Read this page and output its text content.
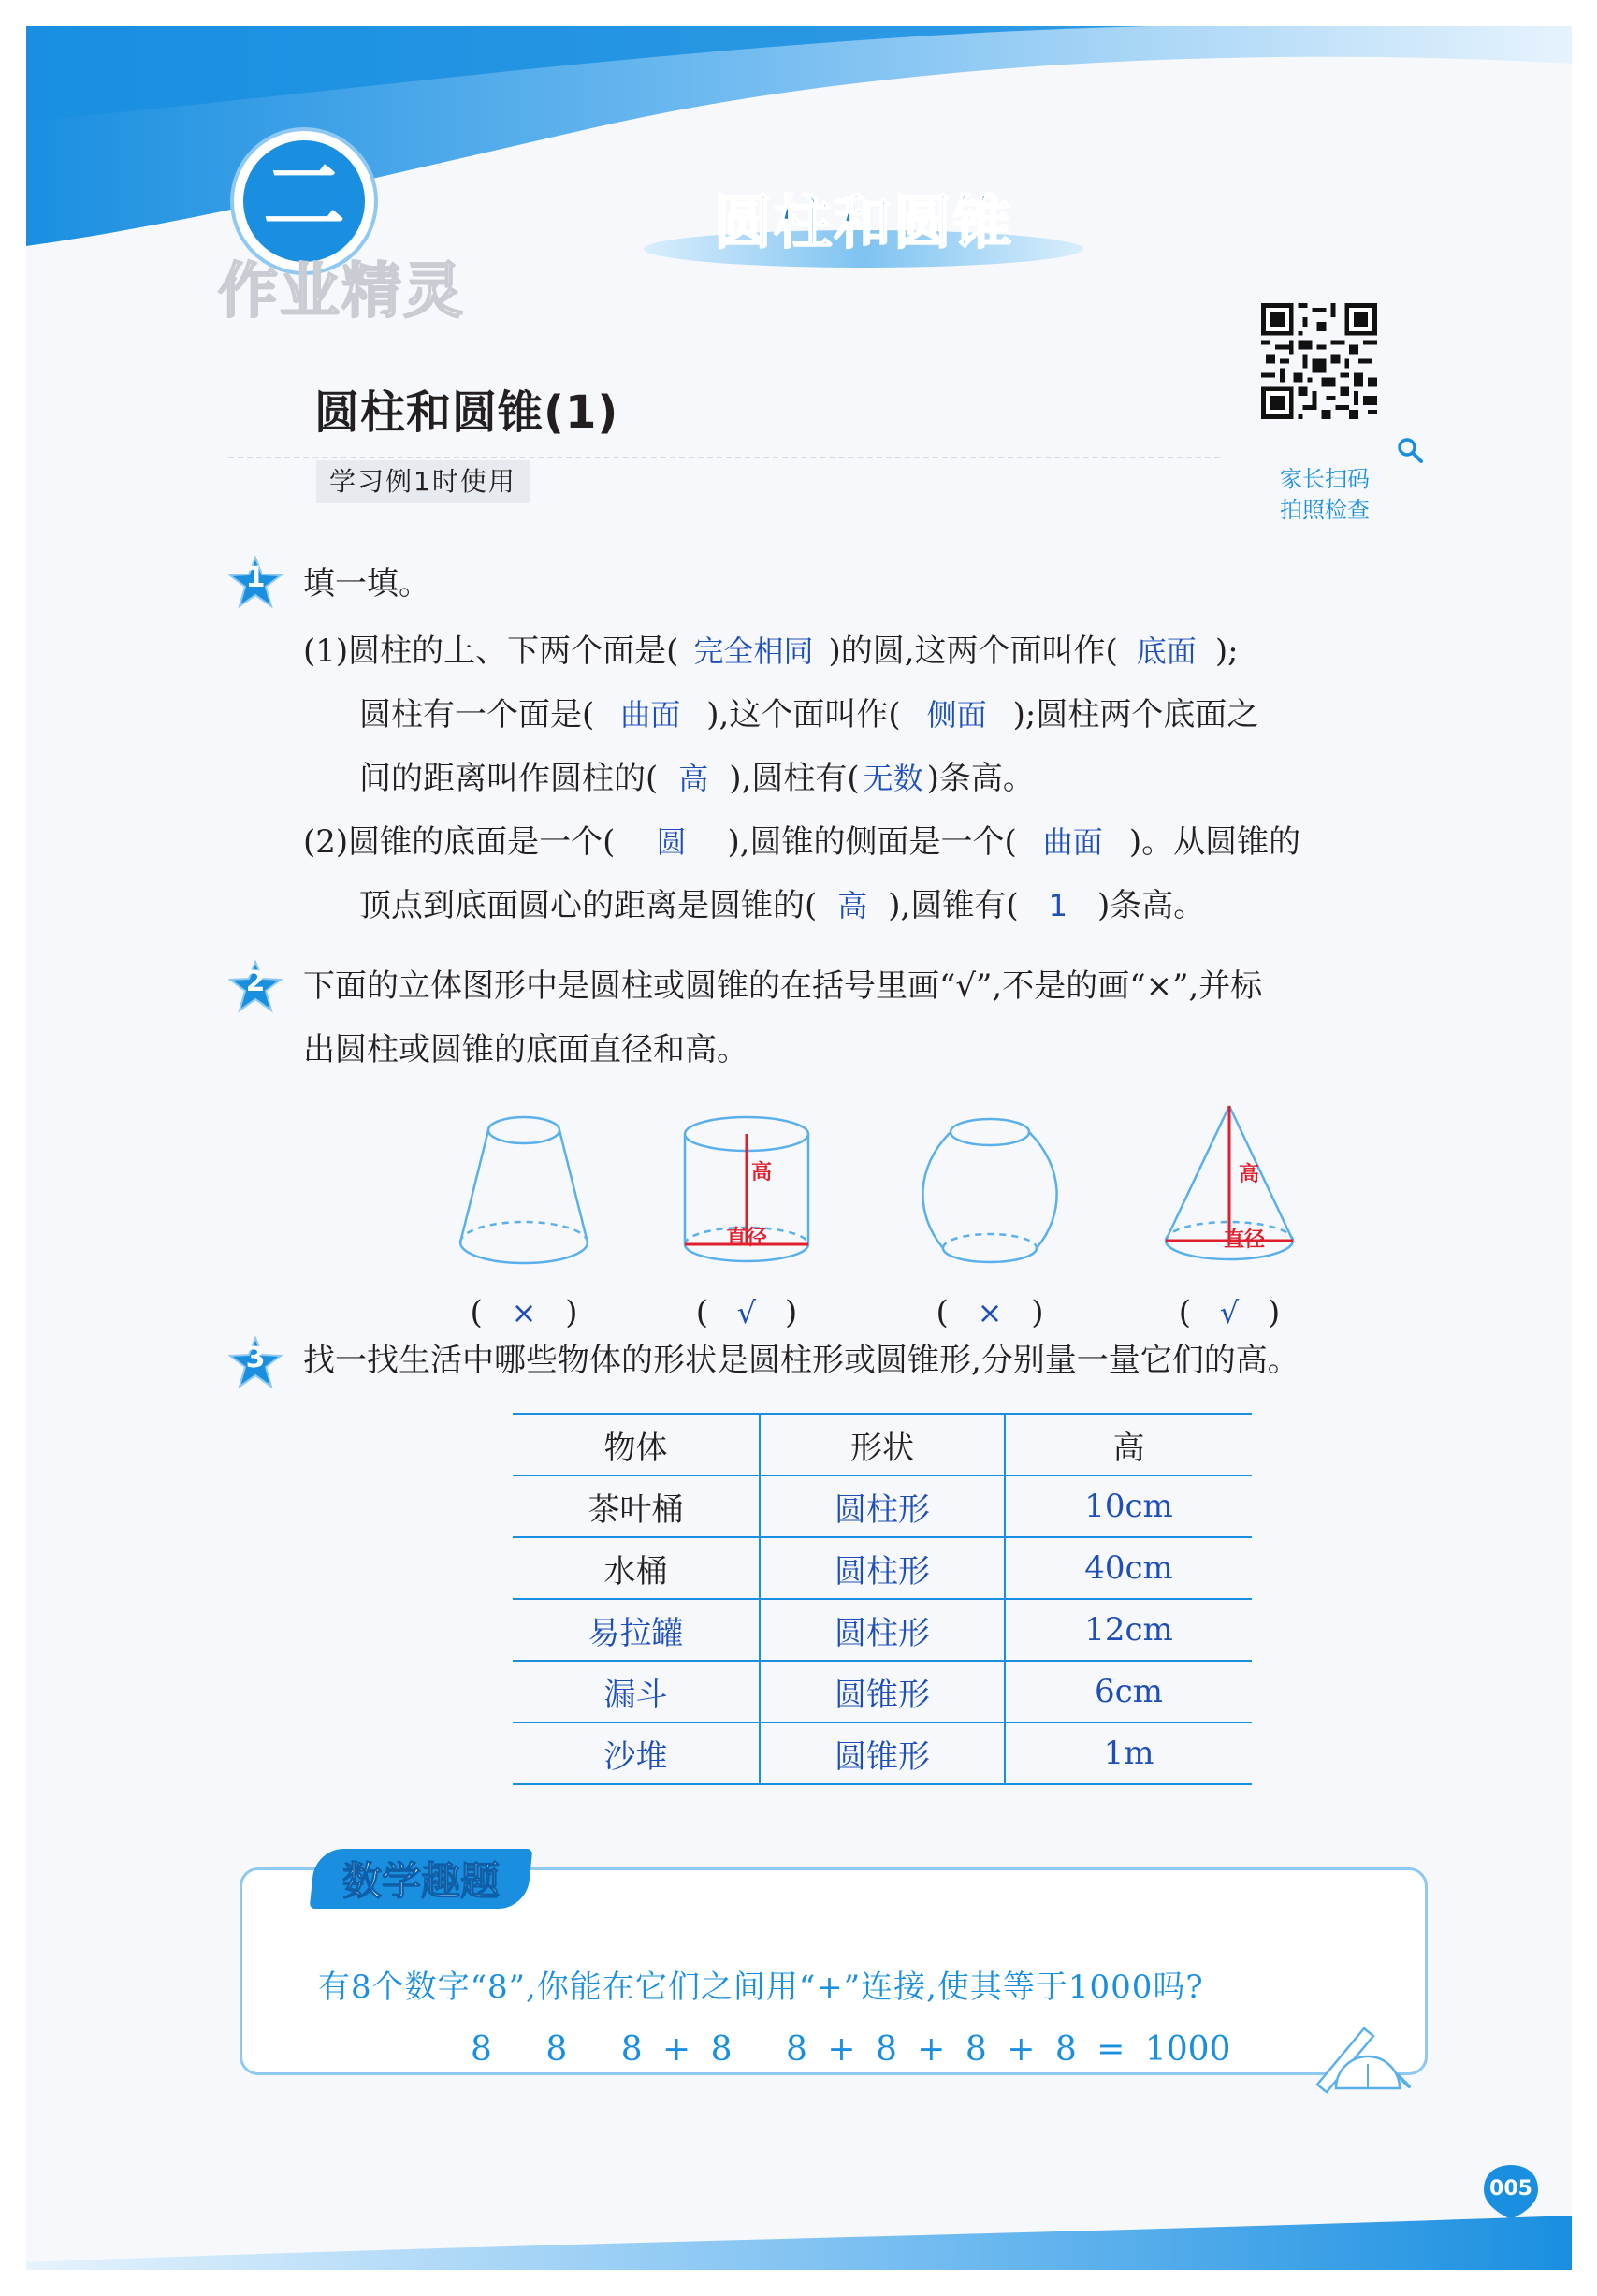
二
作业精灵
圆柱和圆锥
家长扫码
拍照检查
圆柱和圆锥(1)
学习例1时使用
1	填一填。
(1)圆柱的上、下两个面是( 完全相同 )的圆,这两个面叫作( 底面 );
圆柱有一个面是( 曲面 ),这个面叫作( 侧面 );圆柱两个底面之
间的距离叫作圆柱的( 高 ),圆柱有( 无数 )条高。
(2)圆锥的底面是一个( 圆 ),圆锥的侧面是一个( 曲面 )。从圆锥的
顶点到底面圆心的距离是圆锥的( 高 ),圆锥有( 1 )条高。
2	下面的立体图形中是圆柱或圆锥的在括号里画“√”,不是的画“×”,并标
出圆柱或圆锥的底面直径和高。
高
直径
高
直径
( × )	( √ )	( × )	( √ )
3	找一找生活中哪些物体的形状是圆柱形或圆锥形,分别量一量它们的高。
物体	形状	高
茶叶桶	圆柱形	10cm
水桶	圆柱形	40cm
易拉罐	圆柱形	12cm
漏斗	圆锥形	6cm
沙堆	圆锥形	1m
数学趣题
有8个数字“8”,你能在它们之间用“+”连接,使其等于1000吗?
8　 8　 8 + 8　 8 + 8 + 8 + 8 = 1000
005
